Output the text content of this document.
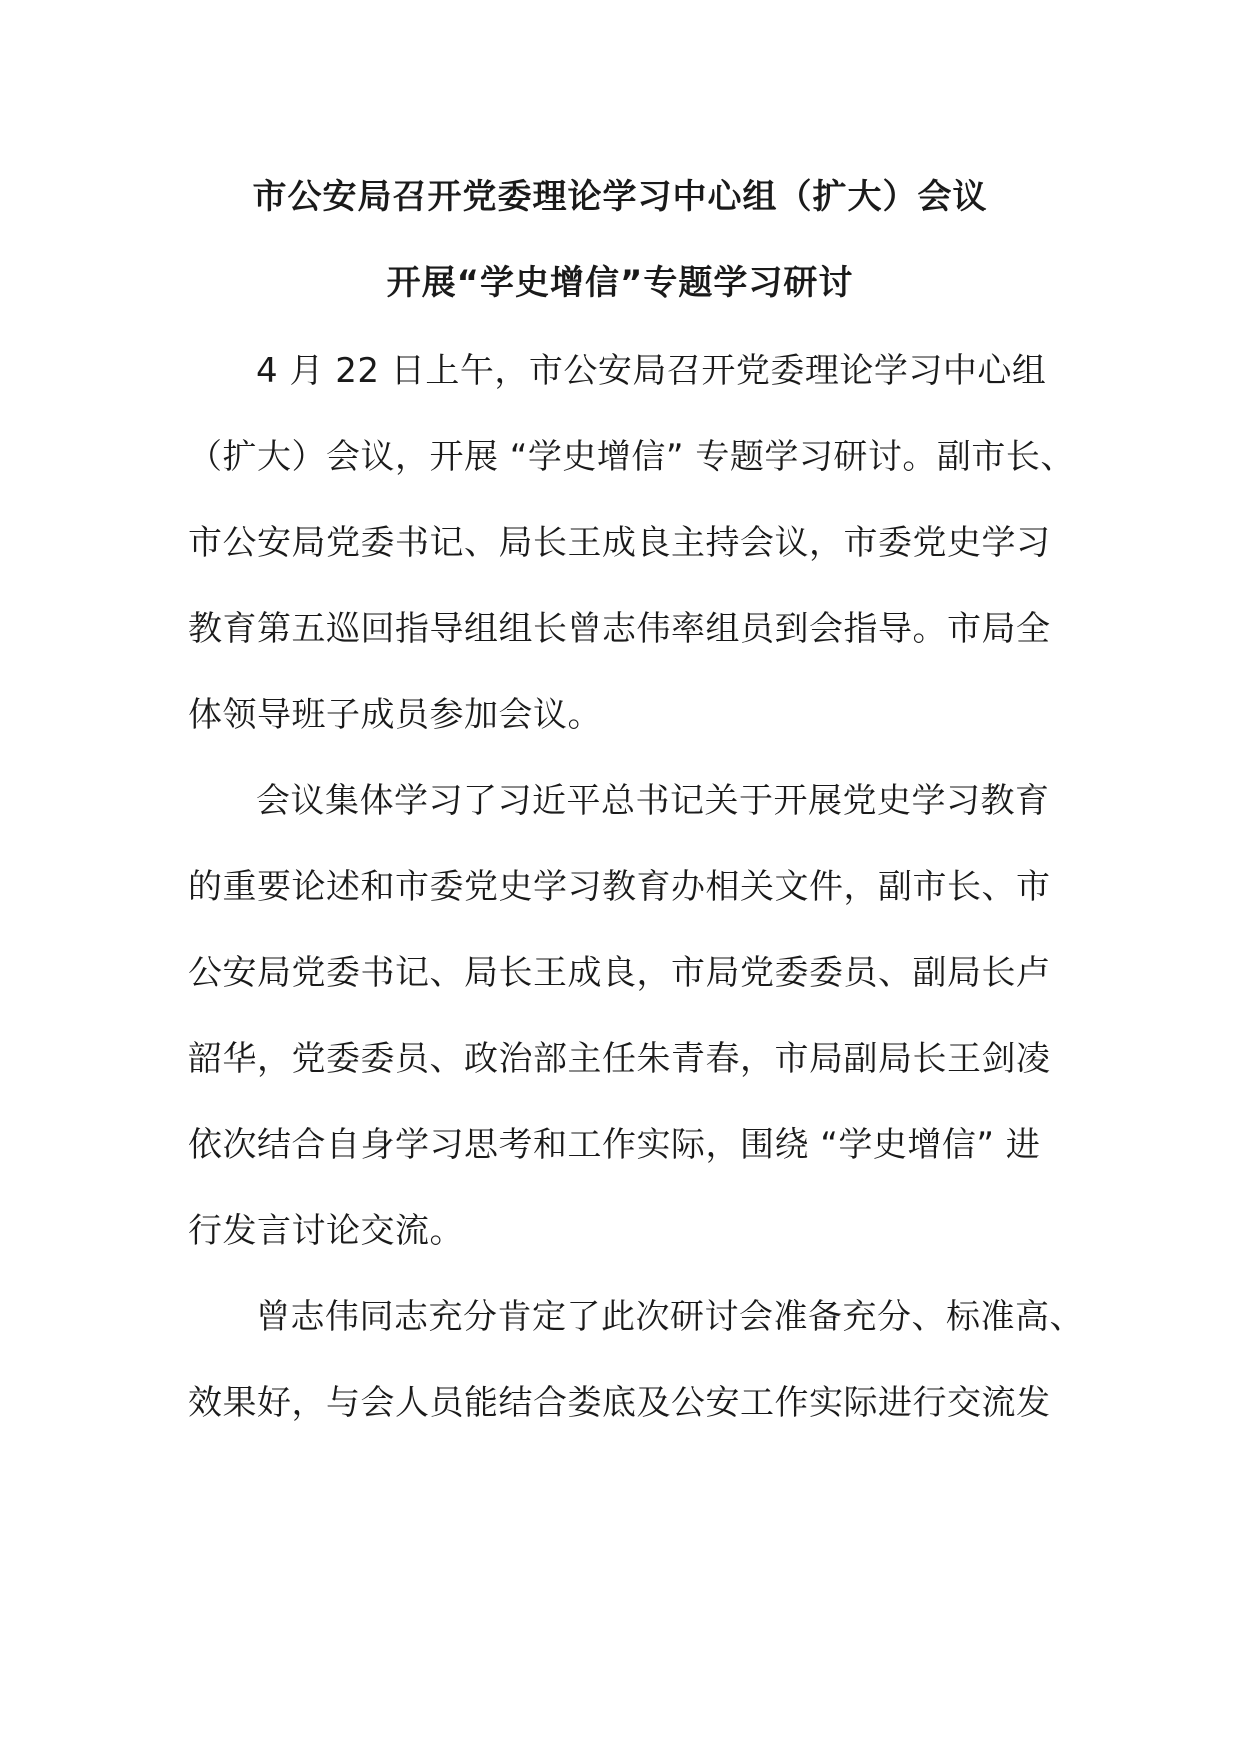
市公安局召开党委理论学习中心组（扩大）会议
开展“学史增信”专题学习研讨
4 月 22 日上午，市公安局召开党委理论学习中心组
（扩大）会议，开展 “学史增信” 专题学习研讨。副市长、
市公安局党委书记、局长王成良主持会议，市委党史学习
教育第五巡回指导组组长曾志伟率组员到会指导。市局全
体领导班子成员参加会议。
会议集体学习了习近平总书记关于开展党史学习教育
的重要论述和市委党史学习教育办相关文件，副市长、市
公安局党委书记、局长王成良，市局党委委员、副局长卢
韶华，党委委员、政治部主任朱青春，市局副局长王剑凌
依次结合自身学习思考和工作实际，围绕 “学史增信” 进
行发言讨论交流。
曾志伟同志充分肯定了此次研讨会准备充分、标准高、
效果好，与会人员能结合娄底及公安工作实际进行交流发
